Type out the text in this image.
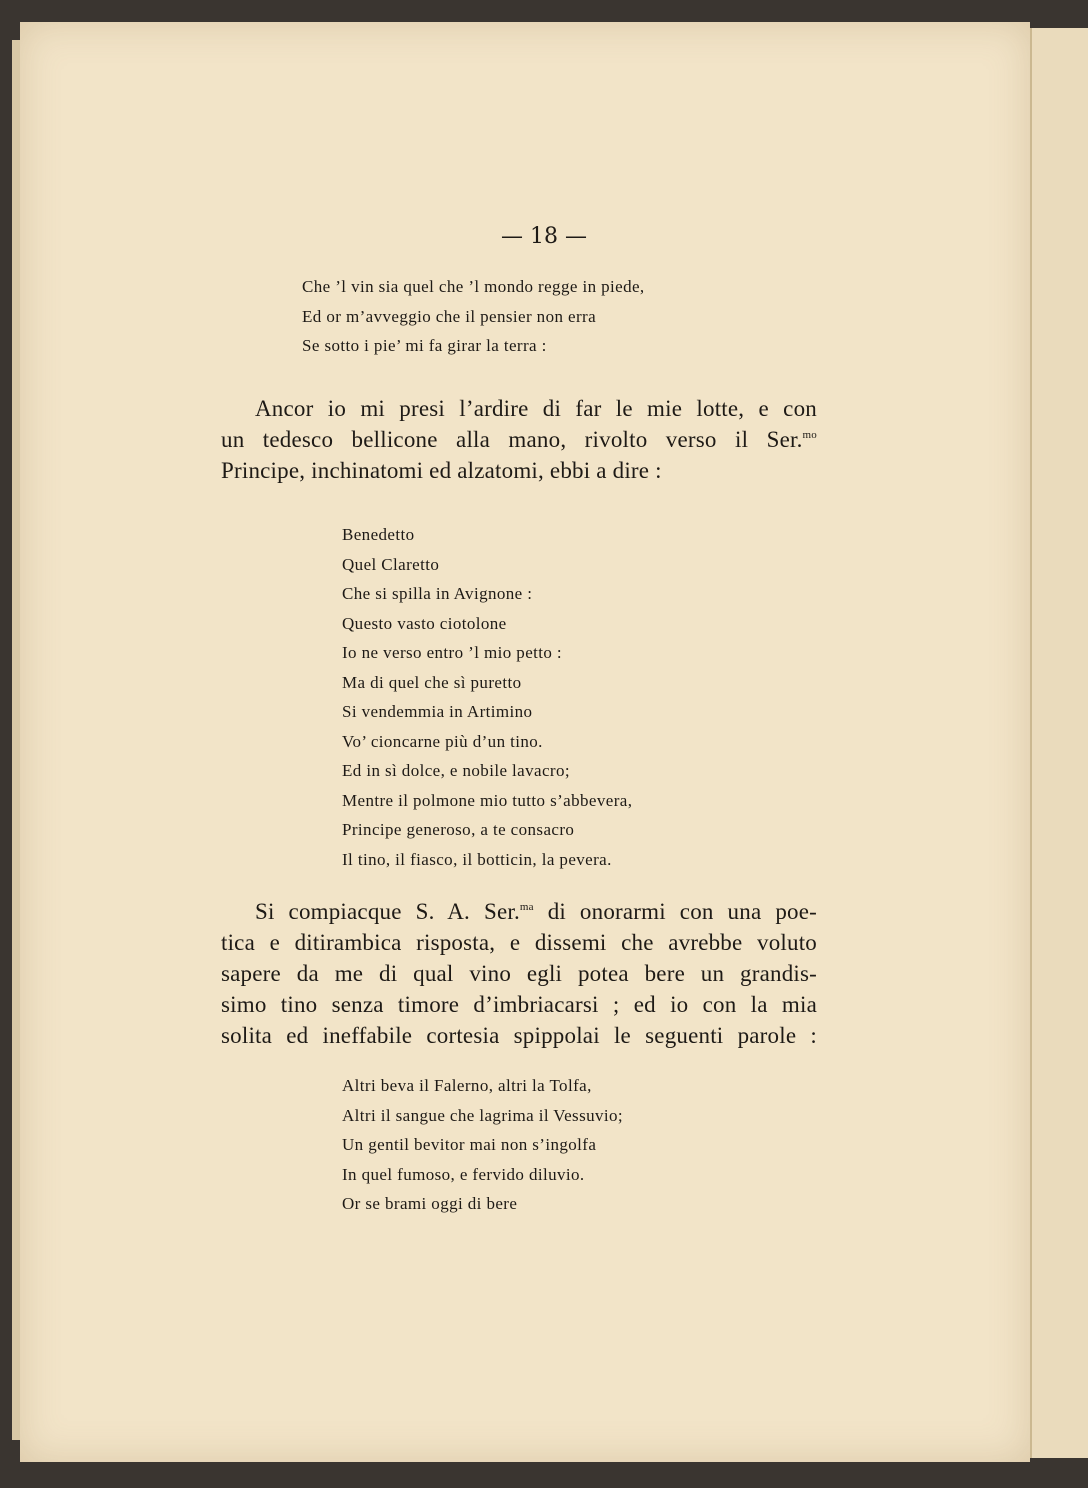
— 18 —
Che ’l vin sia quel che ’l mondo regge in piede,
Ed or m’avveggio che il pensier non erra
Se sotto i pie’ mi fa girar la terra :
Ancor io mi presi l’ardire di far le mie lotte, e con
un tedesco bellicone alla mano, rivolto verso il Ser.$^{mo}$
Principe, inchinatomi ed alzatomi, ebbi a dire :
Benedetto
Quel Claretto
Che si spilla in Avignone :
Questo vasto ciotolone
Io ne verso entro ’l mio petto :
Ma di quel che sì puretto
Si vendemmia in Artimino
Vo’ cioncarne più d’un tino.
Ed in sì dolce, e nobile lavacro;
Mentre il polmone mio tutto s’abbevera,
Principe generoso, a te consacro
Il tino, il fiasco, il botticin, la pevera.
Si compiacque S. A. Ser.$^{ma}$ di onorarmi con una poe-
tica e ditirambica risposta, e dissemi che avrebbe voluto
sapere da me di qual vino egli potea bere un grandis-
simo tino senza timore d’imbriacarsi ; ed io con la mia
solita ed ineffabile cortesia spippolai le seguenti parole :
Altri beva il Falerno, altri la Tolfa,
Altri il sangue che lagrima il Vessuvio;
Un gentil bevitor mai non s’ingolfa
In quel fumoso, e fervido diluvio.
Or se brami oggi di bere
